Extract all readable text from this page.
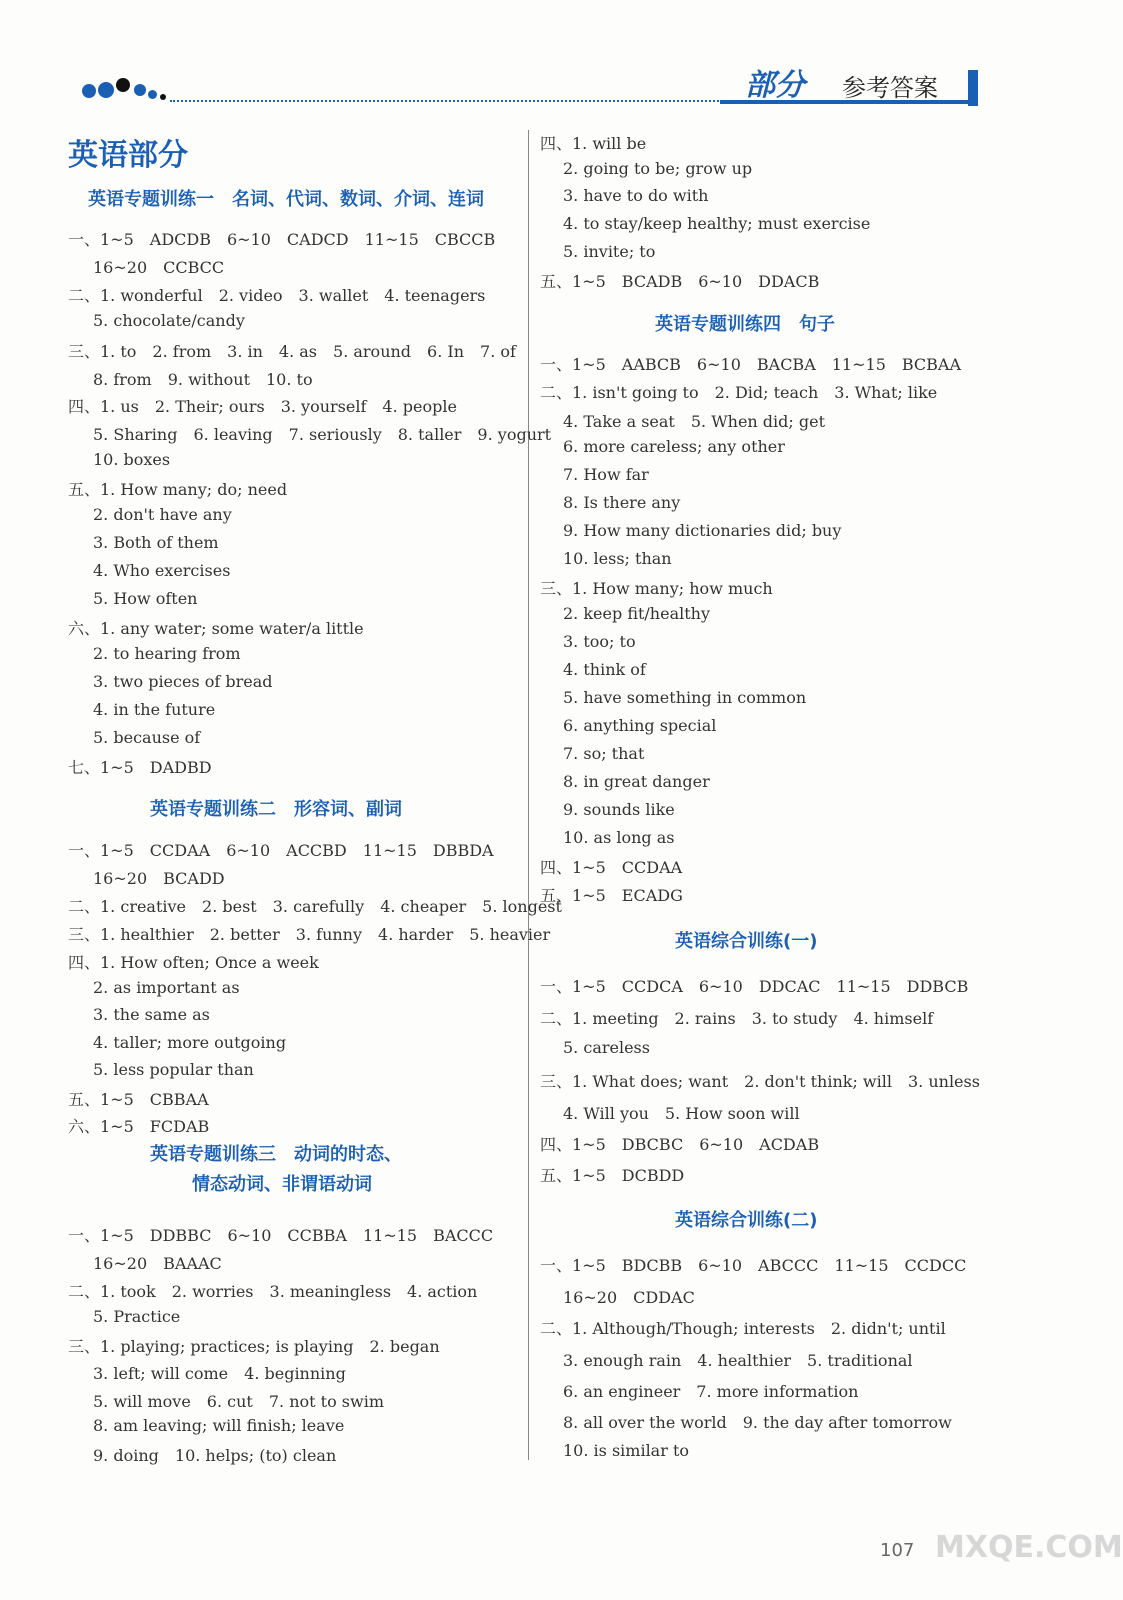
部分 参考答案
英语部分
英语专题训练一　名词、代词、数词、介词、连词
一、1~5　ADCDB　6~10　CADCD　11~15　CBCCB
16~20　CCBCC
二、1. wonderful　2. video　3. wallet　4. teenagers
5. chocolate/candy
三、1. to　2. from　3. in　4. as　5. around　6. In　7. of
8. from　9. without　10. to
四、1. us　2. Their; ours　3. yourself　4. people
5. Sharing　6. leaving　7. seriously　8. taller　9. yogurt
10. boxes
五、1. How many; do; need
2. don't have any
3. Both of them
4. Who exercises
5. How often
六、1. any water; some water/a little
2. to hearing from
3. two pieces of bread
4. in the future
5. because of
七、1~5　DADBD
英语专题训练二　形容词、副词
一、1~5　CCDAA　6~10　ACCBD　11~15　DBBDA
16~20　BCADD
二、1. creative　2. best　3. carefully　4. cheaper　5. longest
三、1. healthier　2. better　3. funny　4. harder　5. heavier
四、1. How often; Once a week
2. as important as
3. the same as
4. taller; more outgoing
5. less popular than
五、1~5　CBBAA
六、1~5　FCDAB
英语专题训练三　动词的时态、
情态动词、非谓语动词
一、1~5　DDBBC　6~10　CCBBA　11~15　BACCC
16~20　BAAAC
二、1. took　2. worries　3. meaningless　4. action
5. Practice
三、1. playing; practices; is playing　2. began
3. left; will come　4. beginning
5. will move　6. cut　7. not to swim
8. am leaving; will finish; leave
9. doing　10. helps; (to) clean
四、1. will be
2. going to be; grow up
3. have to do with
4. to stay/keep healthy; must exercise
5. invite; to
五、1~5　BCADB　6~10　DDACB
英语专题训练四　句子
一、1~5　AABCB　6~10　BACBA　11~15　BCBAA
二、1. isn't going to　2. Did; teach　3. What; like
4. Take a seat　5. When did; get
6. more careless; any other
7. How far
8. Is there any
9. How many dictionaries did; buy
10. less; than
三、1. How many; how much
2. keep fit/healthy
3. too; to
4. think of
5. have something in common
6. anything special
7. so; that
8. in great danger
9. sounds like
10. as long as
四、1~5　CCDAA
五、1~5　ECADG
英语综合训练(一)
一、1~5　CCDCA　6~10　DDCAC　11~15　DDBCB
二、1. meeting　2. rains　3. to study　4. himself
5. careless
三、1. What does; want　2. don't think; will　3. unless
4. Will you　5. How soon will
四、1~5　DBCBC　6~10　ACDAB
五、1~5　DCBDD
英语综合训练(二)
一、1~5　BDCBB　6~10　ABCCC　11~15　CCDCC
16~20　CDDAC
二、1. Although/Though; interests　2. didn't; until
3. enough rain　4. healthier　5. traditional
6. an engineer　7. more information
8. all over the world　9. the day after tomorrow
10. is similar to
107 MXQE.COM
